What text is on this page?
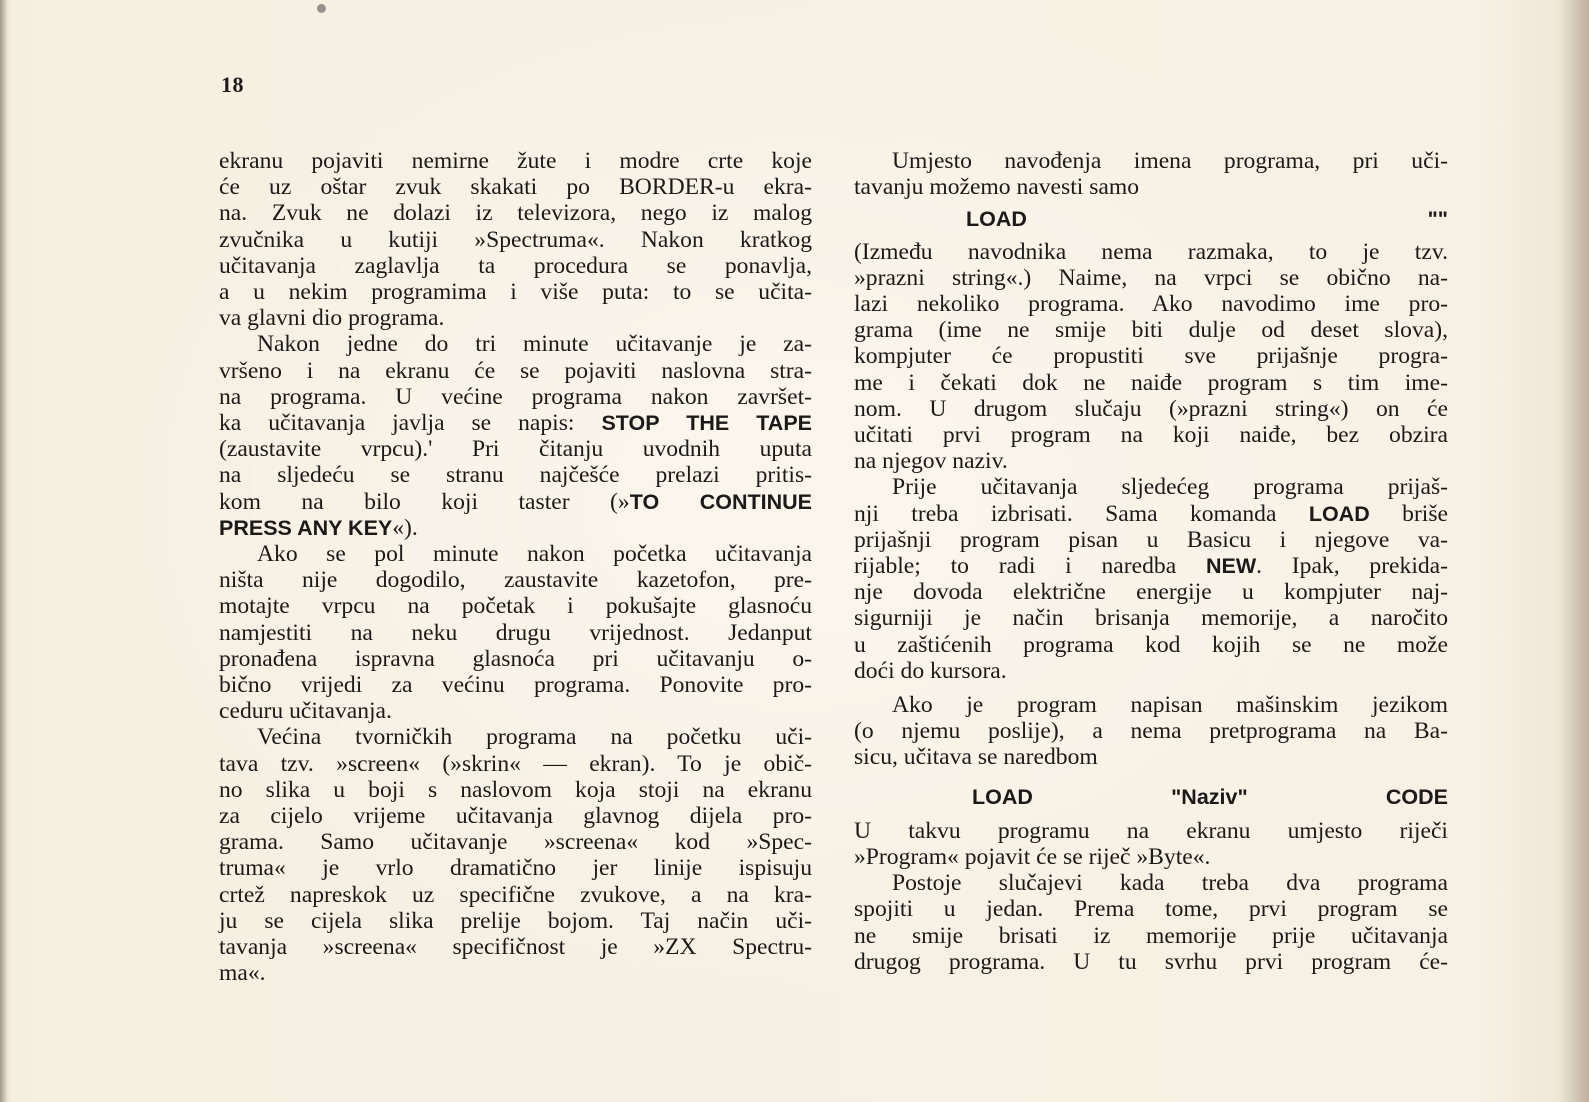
18

ekranu pojaviti nemirne žute i modre crte koje

će uz oštar zvuk skakati po BORDER-u ekra-

na. Zvuk ne dolazi iz televizora, nego iz malog

zvučnika u kutiji »Spectruma«. Nakon kratkog

učitavanja zaglavlja ta procedura se ponavlja,

a u nekim programima i više puta: to se učita-

va glavni dio programa.

Nakon jedne do tri minute učitavanje je za-

vršeno i na ekranu će se pojaviti naslovna stra-

na programa. U većine programa nakon završet-

ka učitavanja javlja se napis: STOP THE TAPE

(zaustavite vrpcu).' Pri čitanju uvodnih uputa

na sljedeću se stranu najčešće prelazi pritis-

kom na bilo koji taster (»TO CONTINUE

PRESS ANY KEY«).

Ako se pol minute nakon početka učitavanja

ništa nije dogodilo, zaustavite kazetofon, pre-

motajte vrpcu na početak i pokušajte glasnoću

namjestiti na neku drugu vrijednost. Jedanput

pronađena ispravna glasnoća pri učitavanju o-

bično vrijedi za većinu programa. Ponovite pro-

ceduru učitavanja.

Većina tvorničkih programa na početku uči-

tava tzv. »screen« (»skrin« — ekran). To je obič-

no slika u boji s naslovom koja stoji na ekranu

za cijelo vrijeme učitavanja glavnog dijela pro-

grama. Samo učitavanje »screena« kod »Spec-

truma« je vrlo dramatično jer linije ispisuju

crtež napreskok uz specifične zvukove, a na kra-

ju se cijela slika prelije bojom. Taj način uči-

tavanja »screena« specifičnost je »ZX Spectru-

ma«.

Umjesto navođenja imena programa, pri uči-

tavanju možemo navesti samo

LOAD ""

(Između navodnika nema razmaka, to je tzv.

»prazni string«.) Naime, na vrpci se obično na-

lazi nekoliko programa. Ako navodimo ime pro-

grama (ime ne smije biti dulje od deset slova),

kompjuter će propustiti sve prijašnje progra-

me i čekati dok ne naiđe program s tim ime-

nom. U drugom slučaju (»prazni string«) on će

učitati prvi program na koji naiđe, bez obzira

na njegov naziv.

Prije učitavanja sljedećeg programa prijaš-

nji treba izbrisati. Sama komanda LOAD briše

prijašnji program pisan u Basicu i njegove va-

rijable; to radi i naredba NEW. Ipak, prekida-

nje dovoda električne energije u kompjuter naj-

sigurniji je način brisanja memorije, a naročito

u zaštićenih programa kod kojih se ne može

doći do kursora.

Ako je program napisan mašinskim jezikom

(o njemu poslije), a nema pretprograma na Ba-

sicu, učitava se naredbom

LOAD "Naziv" CODE

U takvu programu na ekranu umjesto riječi

»Program« pojavit će se riječ »Byte«.

Postoje slučajevi kada treba dva programa

spojiti u jedan. Prema tome, prvi program se

ne smije brisati iz memorije prije učitavanja

drugog programa. U tu svrhu prvi program će-
